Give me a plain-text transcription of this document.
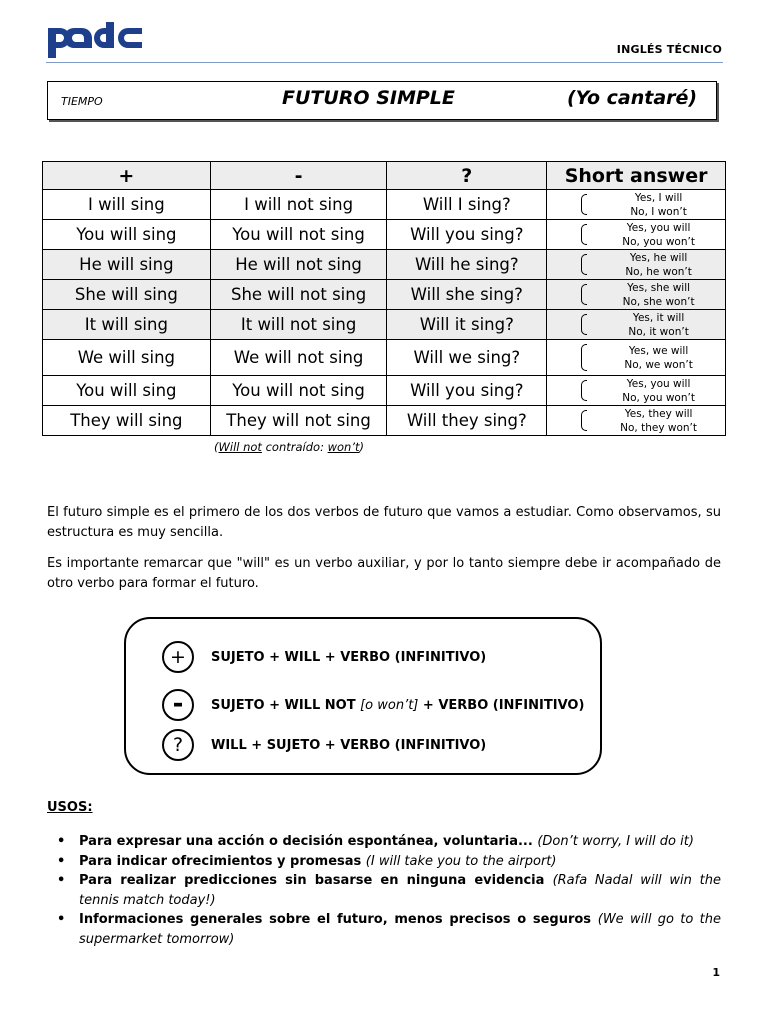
padc
INGLÉS TÉCNICO
TIEMPO	FUTURO SIMPLE	(Yo cantaré)
+	-	?	Short answer
I will sing	I will not sing	Will I sing?	Yes, I will
No, I won’t

You will sing	You will not sing	Will you sing?	Yes, you will
No, you won’t

He will sing	He will not sing	Will he sing?	Yes, he will
No, he won’t

She will sing	She will not sing	Will she sing?	Yes, she will
No, she won’t

It will sing	It will not sing	Will it sing?	Yes, it will
No, it won’t

We will sing	We will not sing	Will we sing?	Yes, we will
No, we won’t

You will sing	You will not sing	Will you sing?	Yes, you will
No, you won’t

They will sing	They will not sing	Will they sing?	Yes, they will
No, they won’t
(Will not contraído: won’t)

El futuro simple es el primero de los dos verbos de futuro que vamos a estudiar. Como observamos, su estructura es muy sencilla.

Es importante remarcar que "will" es un verbo auxiliar, y por lo tanto siempre debe ir acompañado de otro verbo para formar el futuro.

+	SUJETO + WILL + VERBO (INFINITIVO)
-	SUJETO + WILL NOT [o won’t] + VERBO (INFINITIVO)
?	WILL + SUJETO + VERBO (INFINITIVO)
USOS:
• Para expresar una acción o decisión espontánea, voluntaria... (Don’t worry, I will do it)
• Para indicar ofrecimientos y promesas (I will take you to the airport)
• Para realizar predicciones sin basarse en ninguna evidencia (Rafa Nadal will win the tennis match today!)
• Informaciones generales sobre el futuro, menos precisos o seguros (We will go to the supermarket tomorrow)
1
